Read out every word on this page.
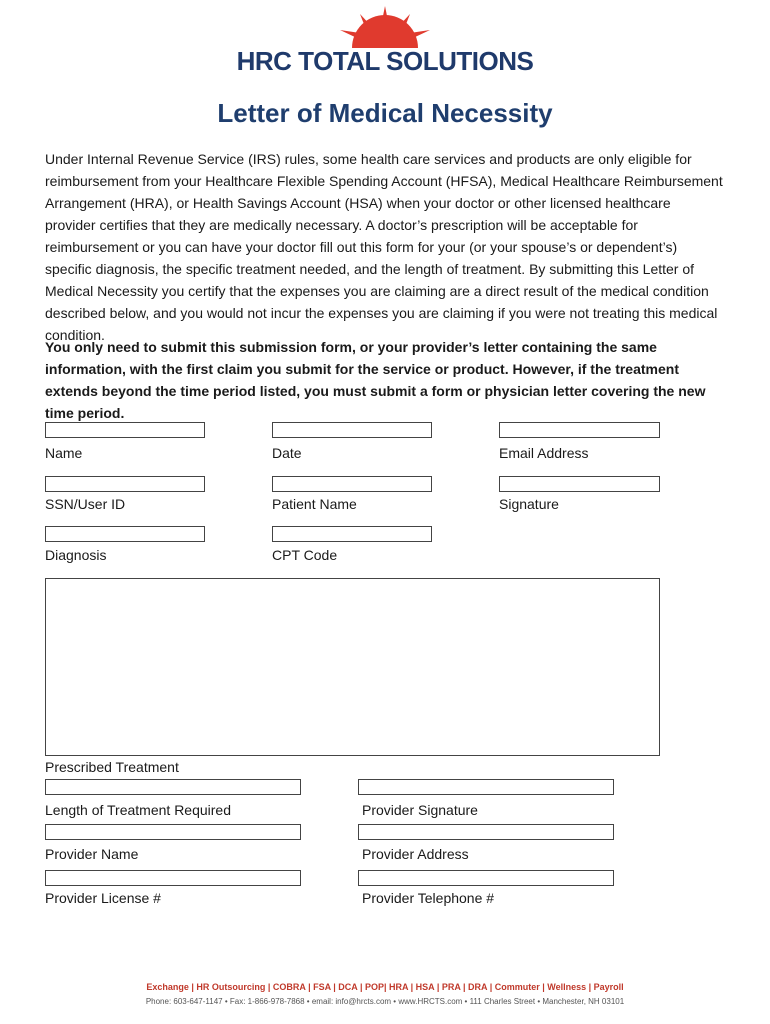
HRC TOTAL SOLUTIONS
Letter of Medical Necessity
Under Internal Revenue Service (IRS) rules, some health care services and products are only eligible for reimbursement from your Healthcare Flexible Spending Account (HFSA), Medical Healthcare Reimbursement Arrangement (HRA), or Health Savings Account (HSA) when your doctor or other licensed healthcare provider certifies that they are medically necessary. A doctor’s prescription will be acceptable for reimbursement or you can have your doctor fill out this form for your (or your spouse’s or dependent’s) specific diagnosis, the specific treatment needed, and the length of treatment. By submitting this Letter of Medical Necessity you certify that the expenses you are claiming are a direct result of the medical condition described below, and you would not incur the expenses you are claiming if you were not treating this medical condition.
You only need to submit this submission form, or your provider’s letter containing the same information, with the first claim you submit for the service or product. However, if the treatment extends beyond the time period listed, you must submit a form or physician letter covering the new time period.
Name	Date	Email Address
SSN/User ID	Patient Name	Signature
Diagnosis	CPT Code
Prescribed Treatment
Length of Treatment Required	Provider Signature
Provider Name	Provider Address
Provider License #	Provider Telephone #
Exchange | HR Outsourcing | COBRA | FSA | DCA | POP| HRA | HSA | PRA | DRA | Commuter | Wellness | Payroll
Phone: 603-647-1147 • Fax: 1-866-978-7868 • email: info@hrcts.com • www.HRCTS.com • 111 Charles Street • Manchester, NH 03101
